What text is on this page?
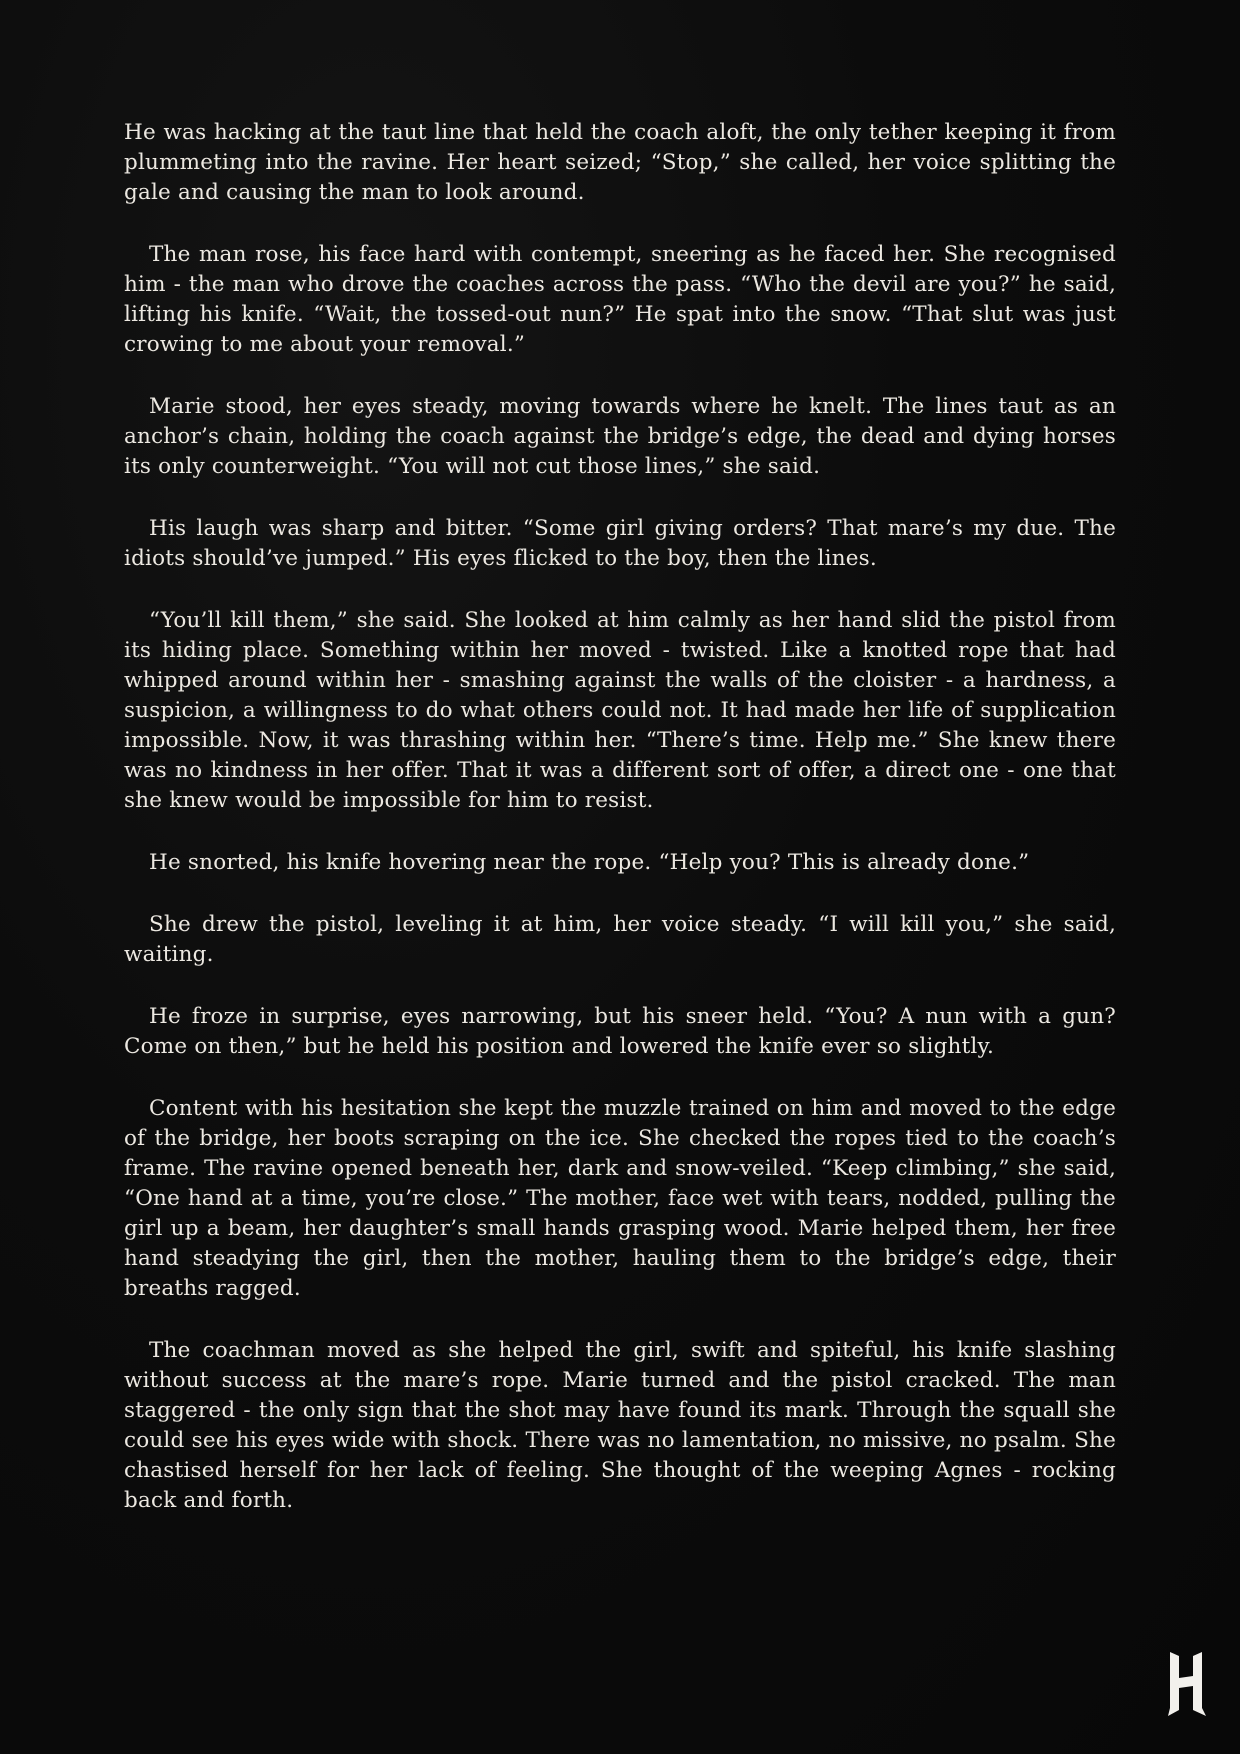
He was hacking at the taut line that held the coach aloft, the only tether keeping it from plummeting into the ravine. Her heart seized; “Stop,” she called, her voice splitting the gale and causing the man to look around.

The man rose, his face hard with contempt, sneering as he faced her. She recognised him - the man who drove the coaches across the pass. “Who the devil are you?” he said, lifting his knife. “Wait, the tossed-out nun?” He spat into the snow. “That slut was just crowing to me about your removal.”

Marie stood, her eyes steady, moving towards where he knelt. The lines taut as an anchor’s chain, holding the coach against the bridge’s edge, the dead and dying horses its only counterweight. “You will not cut those lines,” she said.

His laugh was sharp and bitter. “Some girl giving orders? That mare’s my due. The idiots should’ve jumped.” His eyes flicked to the boy, then the lines.

“You’ll kill them,” she said. She looked at him calmly as her hand slid the pistol from its hiding place. Something within her moved - twisted. Like a knotted rope that had whipped around within her - smashing against the walls of the cloister - a hardness, a suspicion, a willingness to do what others could not. It had made her life of supplication impossible. Now, it was thrashing within her. “There’s time. Help me.” She knew there was no kindness in her offer. That it was a different sort of offer, a direct one - one that she knew would be impossible for him to resist.

He snorted, his knife hovering near the rope. “Help you? This is already done.”

She drew the pistol, leveling it at him, her voice steady. “I will kill you,” she said, waiting.

He froze in surprise, eyes narrowing, but his sneer held. “You? A nun with a gun? Come on then,” but he held his position and lowered the knife ever so slightly.

Content with his hesitation she kept the muzzle trained on him and moved to the edge of the bridge, her boots scraping on the ice. She checked the ropes tied to the coach’s frame. The ravine opened beneath her, dark and snow-veiled. “Keep climbing,” she said, “One hand at a time, you’re close.” The mother, face wet with tears, nodded, pulling the girl up a beam, her daughter’s small hands grasping wood. Marie helped them, her free hand steadying the girl, then the mother, hauling them to the bridge’s edge, their breaths ragged.

The coachman moved as she helped the girl, swift and spiteful, his knife slashing without success at the mare’s rope. Marie turned and the pistol cracked. The man staggered - the only sign that the shot may have found its mark. Through the squall she could see his eyes wide with shock. There was no lamentation, no missive, no psalm. She chastised herself for her lack of feeling. She thought of the weeping Agnes - rocking back and forth.
